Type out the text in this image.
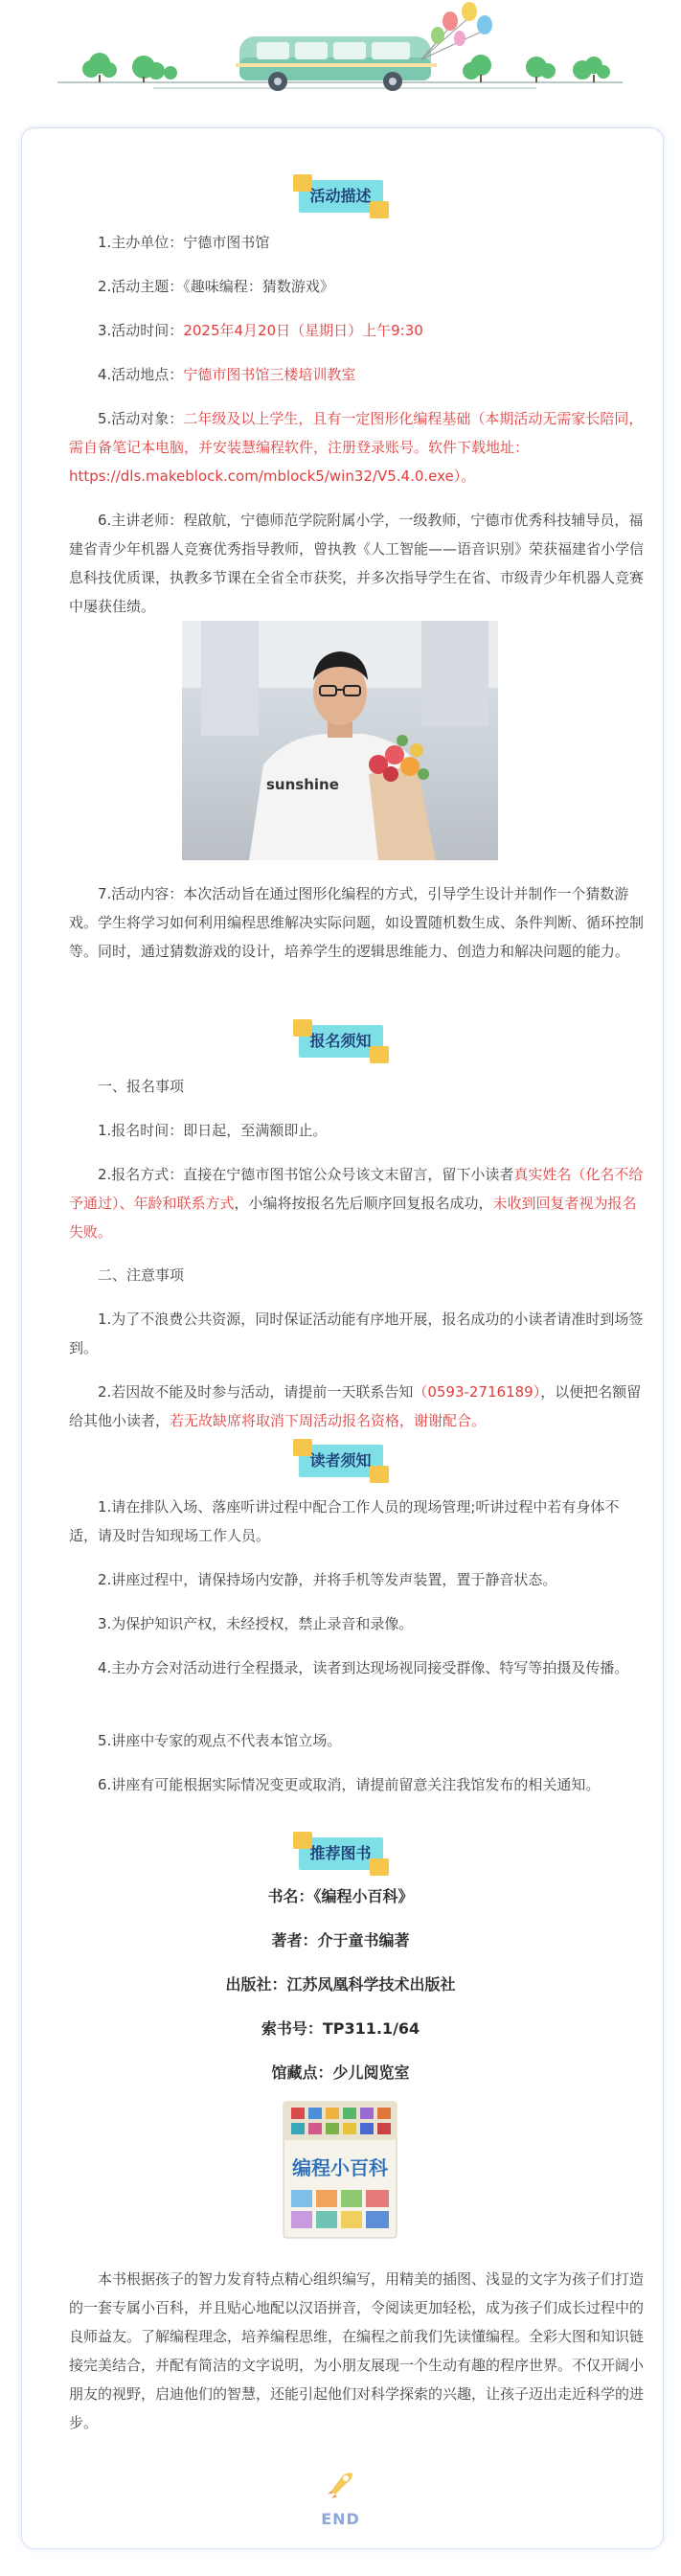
活动描述
1.主办单位：宁德市图书馆
2.活动主题：《趣味编程：猜数游戏》
3.活动时间：2025年4月20日（星期日）上午9:30
4.活动地点：宁德市图书馆三楼培训教室
5.活动对象：二年级及以上学生，且有一定图形化编程基础（本期活动无需家长陪同，需自备笔记本电脑，并安装慧编程软件，注册登录账号。软件下载地址：https://dls.makeblock.com/mblock5/win32/V5.4.0.exe）。
6.主讲老师：程啟航，宁德师范学院附属小学，一级教师，宁德市优秀科技辅导员，福建省青少年机器人竞赛优秀指导教师，曾执教《人工智能——语音识别》荣获福建省小学信息科技优质课，执教多节课在全省全市获奖，并多次指导学生在省、市级青少年机器人竞赛中屡获佳绩。
sunshine
7.活动内容：本次活动旨在通过图形化编程的方式，引导学生设计并制作一个猜数游戏。学生将学习如何利用编程思维解决实际问题，如设置随机数生成、条件判断、循环控制等。同时，通过猜数游戏的设计，培养学生的逻辑思维能力、创造力和解决问题的能力。
报名须知
一、报名事项
1.报名时间：即日起，至满额即止。
2.报名方式：直接在宁德市图书馆公众号该文末留言，留下小读者真实姓名（化名不给予通过）、年龄和联系方式，小编将按报名先后顺序回复报名成功，未收到回复者视为报名失败。
二、注意事项
1.为了不浪费公共资源，同时保证活动能有序地开展，报名成功的小读者请准时到场签到。
2.若因故不能及时参与活动，请提前一天联系告知（0593-2716189），以便把名额留给其他小读者，若无故缺席将取消下周活动报名资格，谢谢配合。
读者须知
1.请在排队入场、落座听讲过程中配合工作人员的现场管理;听讲过程中若有身体不适，请及时告知现场工作人员。
2.讲座过程中，请保持场内安静，并将手机等发声装置，置于静音状态。
3.为保护知识产权，未经授权，禁止录音和录像。
4.主办方会对活动进行全程摄录，读者到达现场视同接受群像、特写等拍摄及传播。
5.讲座中专家的观点不代表本馆立场。
6.讲座有可能根据实际情况变更或取消，请提前留意关注我馆发布的相关通知。
推荐图书
书名：《编程小百科》
著者：介于童书编著
出版社：江苏凤凰科学技术出版社
索书号：TP311.1/64
馆藏点：少儿阅览室
编程小百科
本书根据孩子的智力发育特点精心组织编写，用精美的插图、浅显的文字为孩子们打造的一套专属小百科，并且贴心地配以汉语拼音，令阅读更加轻松，成为孩子们成长过程中的良师益友。了解编程理念，培养编程思维，在编程之前我们先读懂编程。全彩大图和知识链接完美结合，并配有简洁的文字说明，为小朋友展现一个生动有趣的程序世界。不仅开阔小朋友的视野，启迪他们的智慧，还能引起他们对科学探索的兴趣，让孩子迈出走近科学的进步。
END
